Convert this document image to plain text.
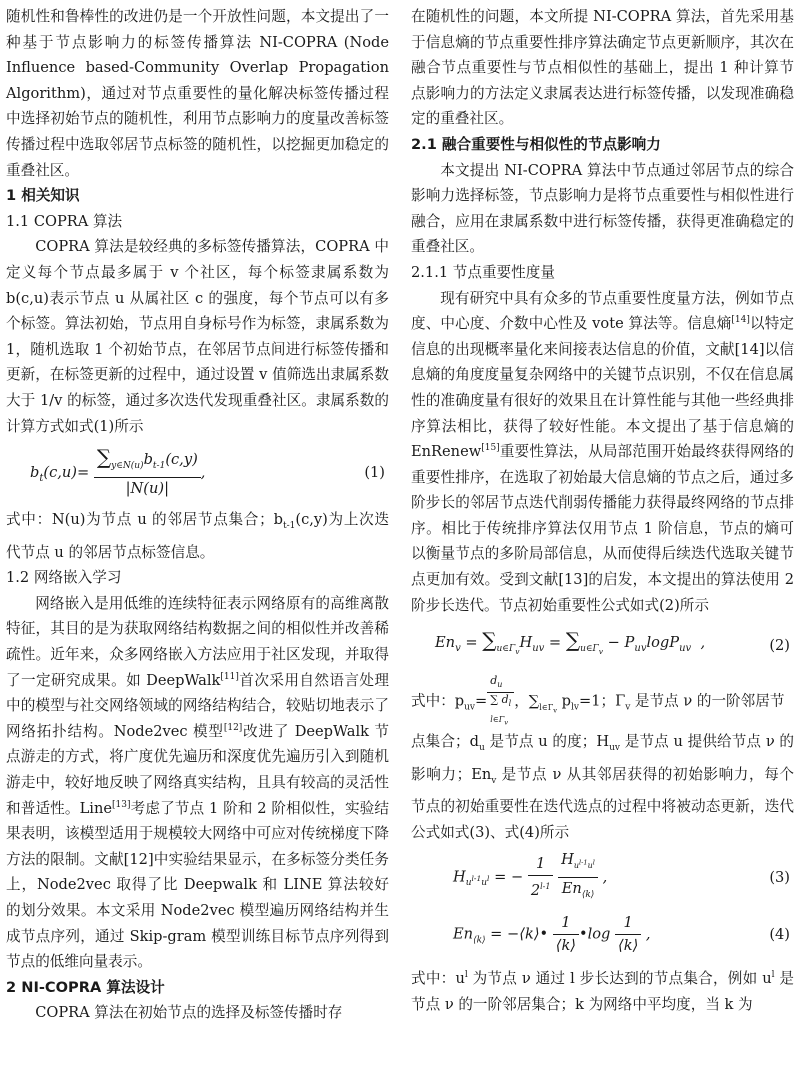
随机性和鲁棒性的改进仍是一个开放性问题，本文提出了一种基于节点影响力的标签传播算法 NI-COPRA (Node Influence based-Community Overlap Propagation Algorithm)，通过对节点重要性的量化解决标签传播过程中选择初始节点的随机性，利用节点影响力的度量改善标签传播过程中选取邻居节点标签的随机性，以挖掘更加稳定的重叠社区。

1 相关知识
1.1 COPRA 算法

COPRA 算法是较经典的多标签传播算法，COPRA 中定义每个节点最多属于 v 个社区，每个标签隶属系数为 b(c,u)表示节点 u 从属社区 c 的强度，每个节点可以有多个标签。算法初始，节点用自身标号作为标签，隶属系数为 1，随机选取 1 个初始节点，在邻居节点间进行标签传播和更新，在标签更新的过程中，通过设置 v 值筛选出隶属系数大于 1/v 的标签，通过多次迭代发现重叠社区。隶属系数的计算方式如式(1)所示

$b_t(c,u)= \frac{\sum_{y\in N(u)}b_{t-1}(c,y)}{|N(u)|}$ ,	(1)

式中：N(u)为节点 u 的邻居节点集合；$b_{t-1}(c,y)$为上次迭代节点 u 的邻居节点标签信息。

1.2 网络嵌入学习

网络嵌入是用低维的连续特征表示网络原有的高维离散特征，其目的是为获取网络结构数据之间的相似性并改善稀疏性。近年来，众多网络嵌入方法应用于社区发现，并取得了一定研究成果。如 DeepWalk[11]首次采用自然语言处理中的模型与社交网络领域的网络结构结合，较贴切地表示了网络拓扑结构。Node2vec 模型[12]改进了 DeepWalk 节点游走的方式，将广度优先遍历和深度优先遍历引入到随机游走中，较好地反映了网络真实结构，且具有较高的灵活性和普适性。Line[13]考虑了节点 1 阶和 2 阶相似性，实验结果表明，该模型适用于规模较大网络中可应对传统梯度下降方法的限制。文献[12]中实验结果显示，在多标签分类任务上，Node2vec 取得了比 Deepwalk 和 LINE 算法较好的划分效果。本文采用 Node2vec 模型遍历网络结构并生成节点序列，通过 Skip-gram 模型训练目标节点序列得到节点的低维向量表示。

2 NI-COPRA 算法设计

COPRA 算法在初始节点的选择及标签传播时存

在随机性的问题，本文所提 NI-COPRA 算法，首先采用基于信息熵的节点重要性排序算法确定节点更新顺序，其次在融合节点重要性与节点相似性的基础上，提出 1 种计算节点影响力的方法定义隶属表达进行标签传播，以发现准确稳定的重叠社区。

2.1 融合重要性与相似性的节点影响力

本文提出 NI-COPRA 算法中节点通过邻居节点的综合影响力选择标签，节点影响力是将节点重要性与相似性进行融合，应用在隶属系数中进行标签传播，获得更准确稳定的重叠社区。

2.1.1 节点重要性度量

现有研究中具有众多的节点重要性度量方法，例如节点度、中心度、介数中心性及 vote 算法等。信息熵[14]以特定信息的出现概率量化来间接表达信息的价值，文献[14]以信息熵的角度度量复杂网络中的关键节点识别，不仅在信息属性的准确度量有很好的效果且在计算性能与其他一些经典排序算法相比，获得了较好性能。本文提出了基于信息熵的 EnRenew[15]重要性算法，从局部范围开始最终获得网络的重要性排序，在选取了初始最大信息熵的节点之后，通过多阶步长的邻居节点迭代削弱传播能力获得最终网络的节点排序。相比于传统排序算法仅用节点 1 阶信息，节点的熵可以衡量节点的多阶局部信息，从而使得后续迭代选取关键节点更加有效。受到文献[13]的启发，本文提出的算法使用 2 阶步长迭代。节点初始重要性公式如式(2)所示

$En_v = \sum_{u\in\Gamma_v}H_{uv} = \sum_{u\in\Gamma_v} - P_{uv}\log P_{uv}$ ,	(2)

式中：$p_{uv}=$
$d_u$
∑ $d_l$
$l\in\Gamma_v$
，$\sum_{l\in\Gamma_v}$ $p_{lv}=1$；$\Gamma_v$ 是节点 ν 的一阶邻居节

点集合；$d_u$ 是节点 u 的度；$H_{uv}$ 是节点 u 提供给节点 ν 的影响力；$En_v$ 是节点 ν 从其邻居获得的初始影响力，每个节点的初始重要性在迭代选点的过程中将被动态更新，迭代公式如式(3)、式(4)所示

$H_{u^{l-1}u^l}$ = − $\frac{1}{2^{l-1}}$
$\frac{H_{u^{l-1}u^l}}{En_{⟨k⟩}}$ ,	(3)
$En_{⟨k⟩}$ = −⟨k⟩• $\frac{1}{⟨k⟩}$ •log $\frac{1}{⟨k⟩}$ ,	(4)

式中：$u^l$ 为节点 ν 通过 l 步长达到的节点集合，例如 $u^l$ 是节点 ν 的一阶邻居集合；k 为网络中平均度，当 k 为
